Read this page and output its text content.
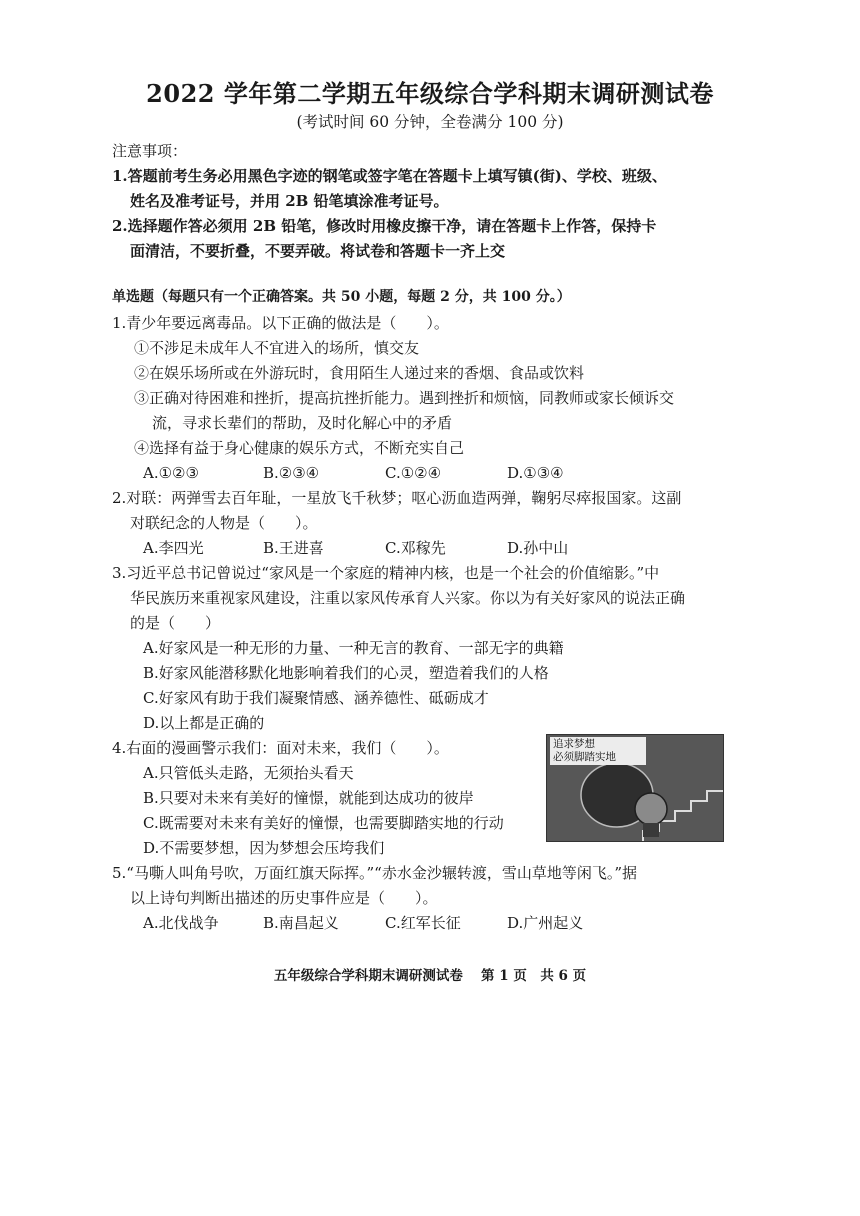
2022 学年第二学期五年级综合学科期末调研测试卷
(考试时间 60 分钟，全卷满分 100 分)
注意事项：
1.答题前考生务必用黑色字迹的钢笔或签字笔在答题卡上填写镇(街)、学校、班级、
姓名及准考证号，并用 2B 铅笔填涂准考证号。
2.选择题作答必须用 2B 铅笔，修改时用橡皮擦干净，请在答题卡上作答，保持卡
面清洁，不要折叠，不要弄破。将试卷和答题卡一齐上交
单选题（每题只有一个正确答案。共 50 小题，每题 2 分，共 100 分。）
1.青少年要远离毒品。以下正确的做法是（　　）。
①不涉足未成年人不宜进入的场所，慎交友
②在娱乐场所或在外游玩时，食用陌生人递过来的香烟、食品或饮料
③正确对待困难和挫折，提高抗挫折能力。遇到挫折和烦恼，同教师或家长倾诉交
流，寻求长辈们的帮助，及时化解心中的矛盾
④选择有益于身心健康的娱乐方式，不断充实自己
A.①②③	B.②③④	C.①②④	D.①③④
2.对联：两弹雪去百年耻，一星放飞千秋梦；呕心沥血造两弹，鞠躬尽瘁报国家。这副
对联纪念的人物是（　　）。
A.李四光	B.王进喜	C.邓稼先	D.孙中山
3.习近平总书记曾说过“家风是一个家庭的精神内核，也是一个社会的价值缩影。”中
华民族历来重视家风建设，注重以家风传承育人兴家。你以为有关好家风的说法正确
的是（　　）
A.好家风是一种无形的力量、一种无言的教育、一部无字的典籍
B.好家风能潜移默化地影响着我们的心灵，塑造着我们的人格
C.好家风有助于我们凝聚情感、涵养德性、砥砺成才
D.以上都是正确的
4.右面的漫画警示我们：面对未来，我们（　　）。
A.只管低头走路，无须抬头看天
B.只要对未来有美好的憧憬，就能到达成功的彼岸
C.既需要对未来有美好的憧憬，也需要脚踏实地的行动
D.不需要梦想，因为梦想会压垮我们
追求梦想
必须脚踏实地
5.“马嘶人叫角号吹，万面红旗天际挥。”“赤水金沙辗转渡，雪山草地等闲飞。”据
以上诗句判断出描述的历史事件应是（　　）。
A.北伐战争	B.南昌起义	C.红军长征	D.广州起义
五年级综合学科期末调研测试卷　 第 1 页　共 6 页
